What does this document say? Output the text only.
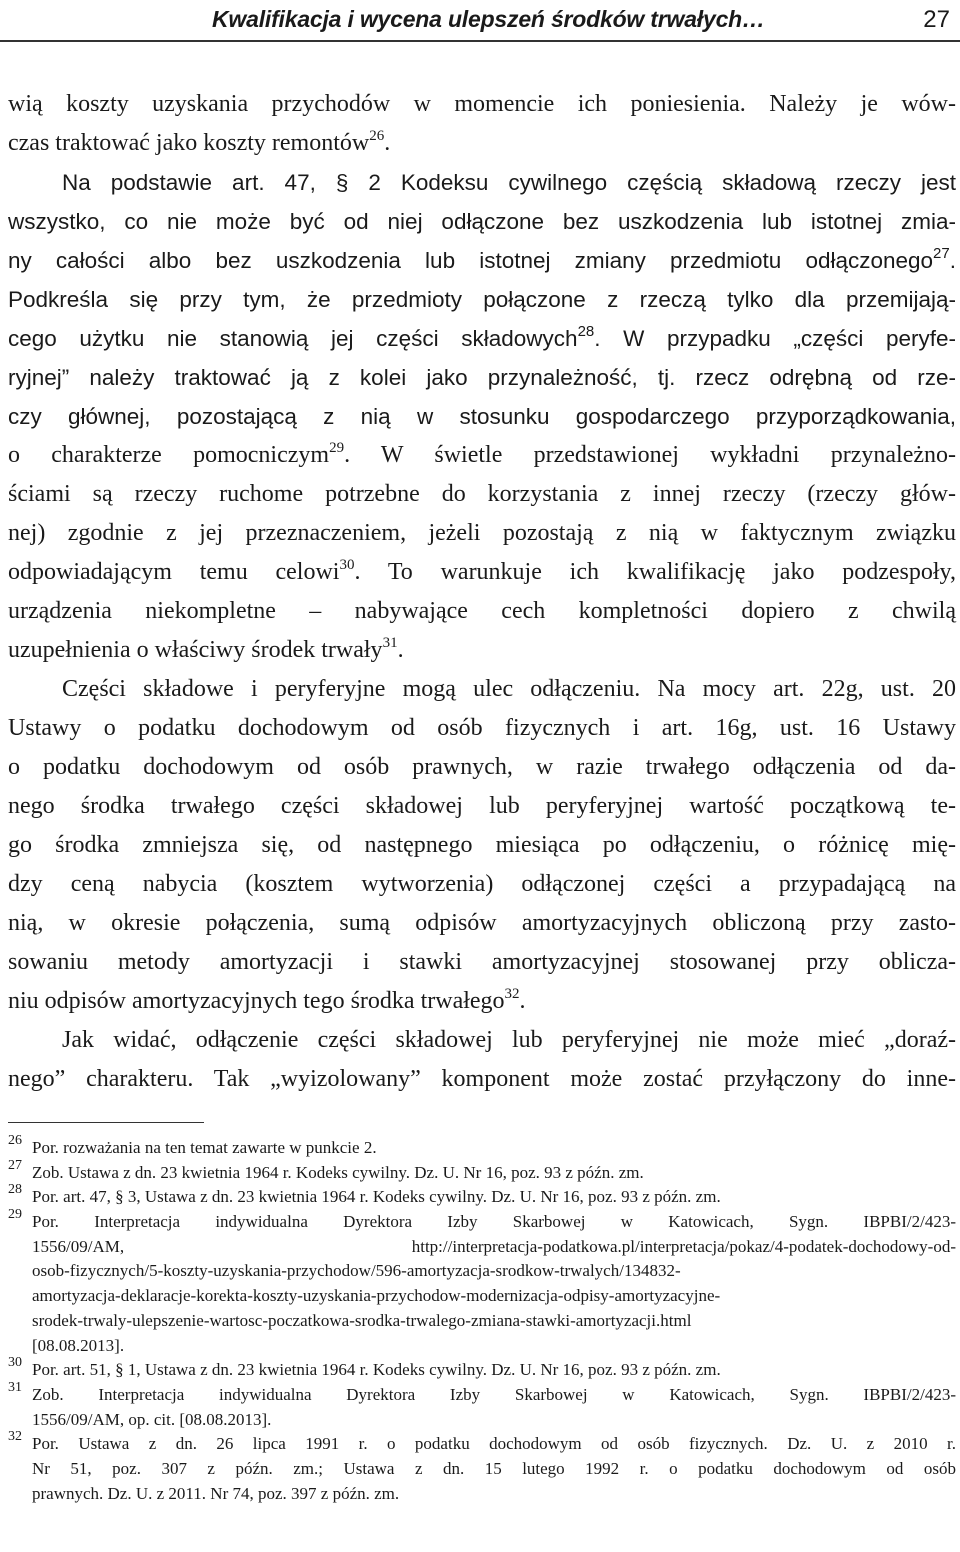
Kwalifikacja i wycena ulepszeń środków trwałych…	27
wią koszty uzyskania przychodów w momencie ich poniesienia. Należy je wów-
czas traktować jako koszty remontów$^{26}$.
Na podstawie art. 47, § 2 Kodeksu cywilnego częścią składową rzeczy jest
wszystko, co nie może być od niej odłączone bez uszkodzenia lub istotnej zmia-
ny całości albo bez uszkodzenia lub istotnej zmiany przedmiotu odłączonego$^{27}$.
Podkreśla się przy tym, że przedmioty połączone z rzeczą tylko dla przemijają-
cego użytku nie stanowią jej części składowych$^{28}$. W przypadku „części peryfe-
ryjnej” należy traktować ją z kolei jako przynależność, tj. rzecz odrębną od rze-
czy głównej, pozostającą z nią w stosunku gospodarczego przyporządkowania,
o charakterze pomocniczym$^{29}$. W świetle przedstawionej wykładni przynależno-
ściami są rzeczy ruchome potrzebne do korzystania z innej rzeczy (rzeczy głów-
nej) zgodnie z jej przeznaczeniem, jeżeli pozostają z nią w faktycznym związku
odpowiadającym temu celowi$^{30}$. To warunkuje ich kwalifikację jako podzespoły,
urządzenia niekompletne – nabywające cech kompletności dopiero z chwilą
uzupełnienia o właściwy środek trwały$^{31}$.
Części składowe i peryferyjne mogą ulec odłączeniu. Na mocy art. 22g, ust. 20
Ustawy o podatku dochodowym od osób fizycznych i art. 16g, ust. 16 Ustawy
o podatku dochodowym od osób prawnych, w razie trwałego odłączenia od da-
nego środka trwałego części składowej lub peryferyjnej wartość początkową te-
go środka zmniejsza się, od następnego miesiąca po odłączeniu, o różnicę mię-
dzy ceną nabycia (kosztem wytworzenia) odłączonej części a przypadającą na
nią, w okresie połączenia, sumą odpisów amortyzacyjnych obliczoną przy zasto-
sowaniu metody amortyzacji i stawki amortyzacyjnej stosowanej przy oblicza-
niu odpisów amortyzacyjnych tego środka trwałego$^{32}$.
Jak widać, odłączenie części składowej lub peryferyjnej nie może mieć „doraź-
nego” charakteru. Tak „wyizolowany” komponent może zostać przyłączony do inne-
26 Por. rozważania na ten temat zawarte w punkcie 2.
27 Zob. Ustawa z dn. 23 kwietnia 1964 r. Kodeks cywilny. Dz. U. Nr 16, poz. 93 z późn. zm.
28 Por. art. 47, § 3, Ustawa z dn. 23 kwietnia 1964 r. Kodeks cywilny. Dz. U. Nr 16, poz. 93 z późn. zm.
29 Por. Interpretacja indywidualna Dyrektora Izby Skarbowej w Katowicach, Sygn. IBPBI/2/423-
1556/09/AM, http://interpretacja-podatkowa.pl/interpretacja/pokaz/4-podatek-dochodowy-od-
osob-fizycznych/5-koszty-uzyskania-przychodow/596-amortyzacja-srodkow-trwalych/134832-
amortyzacja-deklaracje-korekta-koszty-uzyskania-przychodow-modernizacja-odpisy-amortyzacyjne-
srodek-trwaly-ulepszenie-wartosc-poczatkowa-srodka-trwalego-zmiana-stawki-amortyzacji.html
[08.08.2013].
30 Por. art. 51, § 1, Ustawa z dn. 23 kwietnia 1964 r. Kodeks cywilny. Dz. U. Nr 16, poz. 93 z późn. zm.
31 Zob. Interpretacja indywidualna Dyrektora Izby Skarbowej w Katowicach, Sygn. IBPBI/2/423-
1556/09/AM, op. cit. [08.08.2013].
32 Por. Ustawa z dn. 26 lipca 1991 r. o podatku dochodowym od osób fizycznych. Dz. U. z 2010 r.
Nr 51, poz. 307 z późn. zm.; Ustawa z dn. 15 lutego 1992 r. o podatku dochodowym od osób
prawnych. Dz. U. z 2011. Nr 74, poz. 397 z późn. zm.
